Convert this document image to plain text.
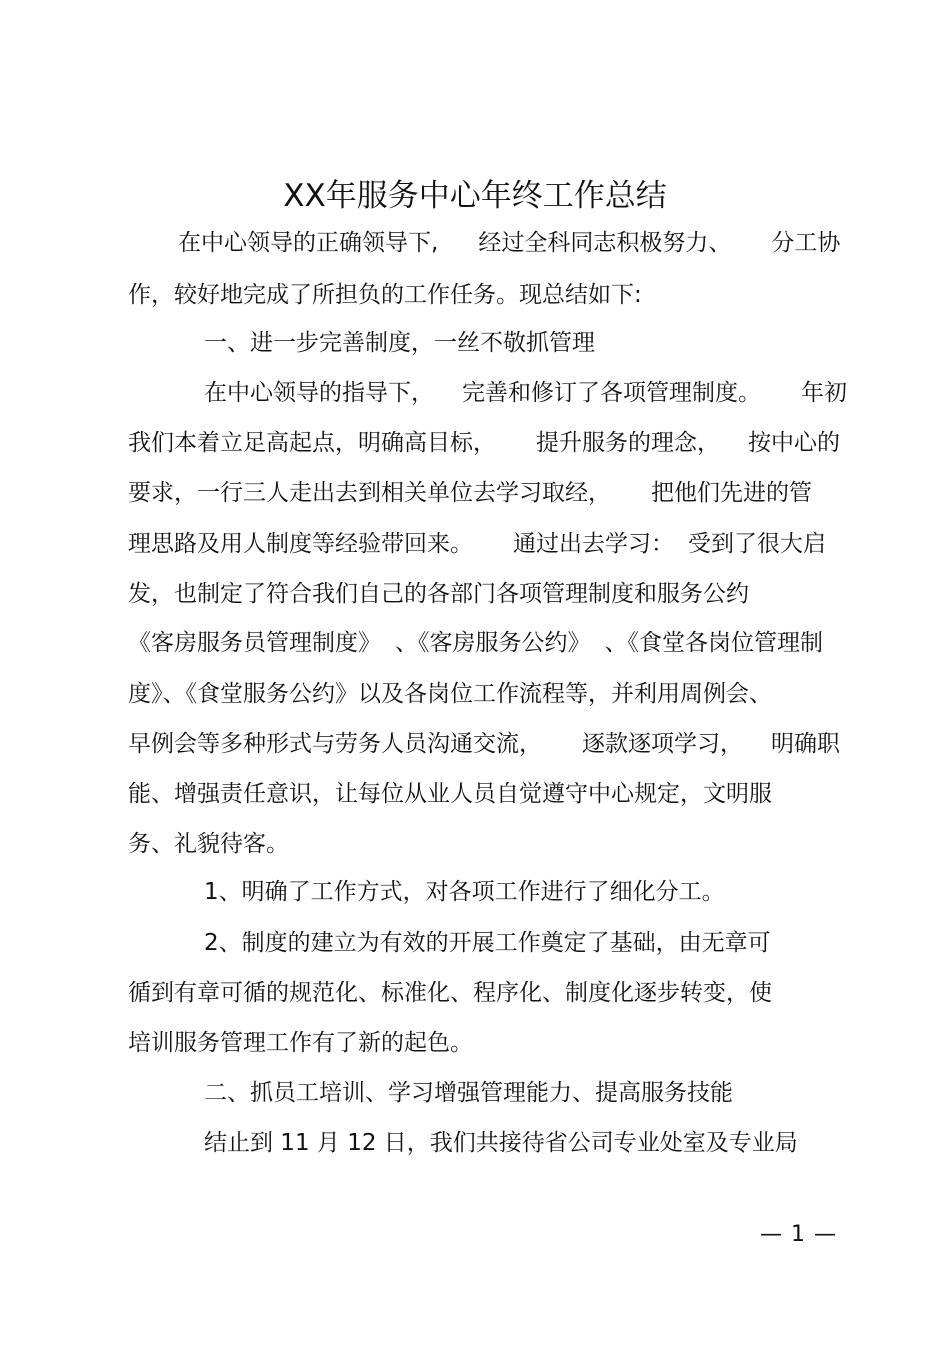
XX年服务中心年终工作总结
在中心领导的正确领导下, 经过全科同志积极努力、 分工协
作，较好地完成了所担负的工作任务。现总结如下:
一、进一步完善制度，一丝不敬抓管理
在中心领导的指导下， 完善和修订了各项管理制度。 年初
我们本着立足高起点，明确高目标， 提升服务的理念， 按中心的
要求，一行三人走出去到相关单位去学习取经， 把他们先进的管
理思路及用人制度等经验带回来。 通过出去学习： 受到了很大启
发，也制定了符合我们自己的各部门各项管理制度和服务公约
《客房服务员管理制度》 、《客房服务公约》 、《食堂各岗位管理制
度》、《食堂服务公约》以及各岗位工作流程等，并利用周例会、
早例会等多种形式与劳务人员沟通交流， 逐款逐项学习， 明确职
能、增强责任意识，让每位从业人员自觉遵守中心规定，文明服
务、礼貌待客。
1、明确了工作方式，对各项工作进行了细化分工。
2、制度的建立为有效的开展工作奠定了基础，由无章可
循到有章可循的规范化、标准化、程序化、制度化逐步转变，使
培训服务管理工作有了新的起色。
二、抓员工培训、学习增强管理能力、提高服务技能
结止到 11 月 12 日，我们共接待省公司专业处室及专业局
— 1 —
